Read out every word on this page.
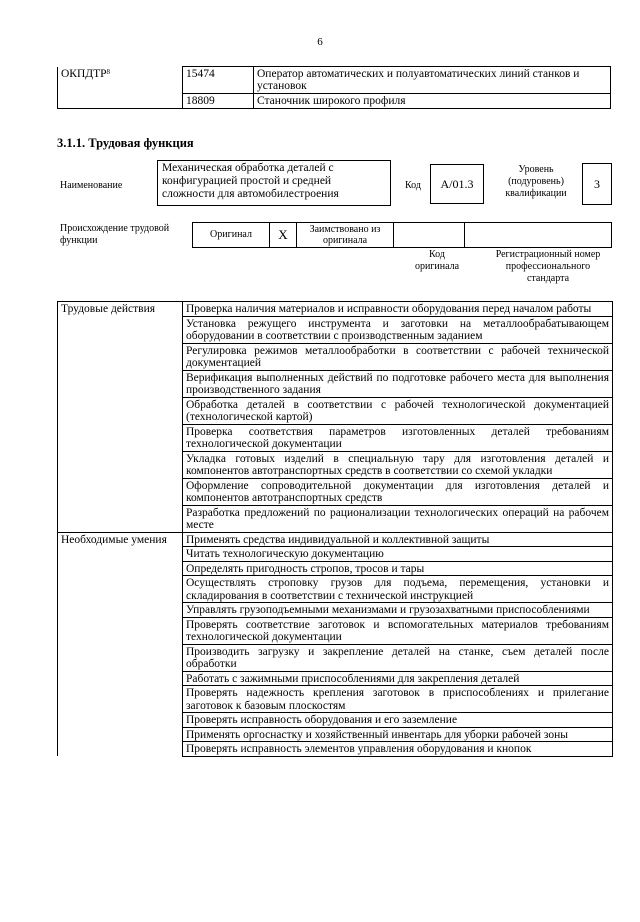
6
ОКПДТР$^8$	15474	Оператор автоматических и полуавтоматических линий станков и установок
	18809	Станочник широкого профиля
3.1.1. Трудовая функция
Наименование
Механическая обработка деталей с конфигурацией простой и средней сложности для автомобилестроения
Код	A/01.3
Уровень (подуровень) квалификации
3
Происхождение трудовой функции
Оригинал	X	Заимствовано из оригинала		
Код оригинала
Регистрационный номер профессионального стандарта
Трудовые действия	Проверка наличия материалов и исправности оборудования перед началом работы
	Установка режущего инструмента и заготовки на металлообрабатывающем оборудовании в соответствии с производственным заданием
	Регулировка режимов металлообработки в соответствии с рабочей технической документацией
	Верификация выполненных действий по подготовке рабочего места для выполнения производственного задания
	Обработка деталей в соответствии с рабочей технологической документацией (технологической картой)
	Проверка соответствия параметров изготовленных деталей требованиям технологической документации
	Укладка готовых изделий в специальную тару для изготовления деталей и компонентов автотранспортных средств в соответствии со схемой укладки
	Оформление сопроводительной документации для изготовления деталей и компонентов автотранспортных средств
	Разработка предложений по рационализации технологических операций на рабочем месте
Необходимые умения	Применять средства индивидуальной и коллективной защиты
	Читать технологическую документацию
	Определять пригодность стропов, тросов и тары
	Осуществлять строповку грузов для подъема, перемещения, установки и складирования в соответствии с технической инструкцией
	Управлять грузоподъемными механизмами и грузозахватными приспособлениями
	Проверять соответствие заготовок и вспомогательных материалов требованиям технологической документации
	Производить загрузку и закрепление деталей на станке, съем деталей после обработки
	Работать с зажимными приспособлениями для закрепления деталей
	Проверять надежность крепления заготовок в приспособлениях и прилегание заготовок к базовым плоскостям
	Проверять исправность оборудования и его заземление
	Применять оргоснастку и хозяйственный инвентарь для уборки рабочей зоны
	Проверять исправность элементов управления оборудования и кнопок
